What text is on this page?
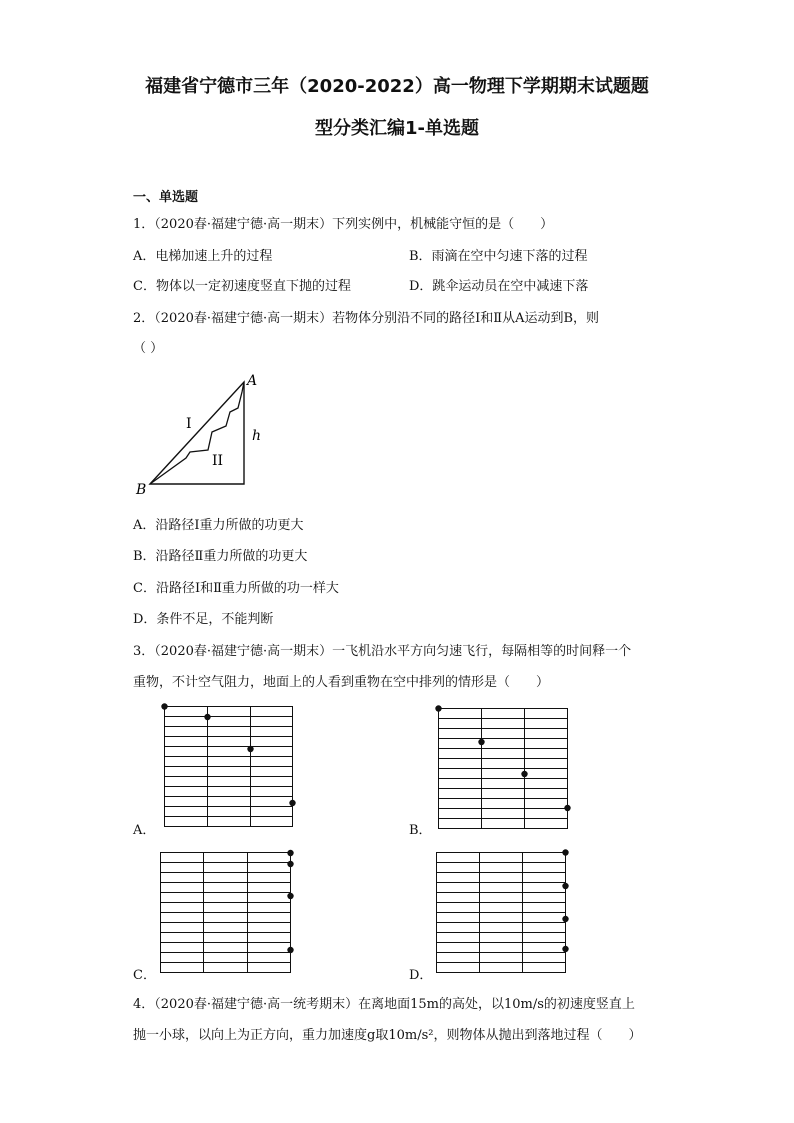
福建省宁德市三年（2020-2022）高一物理下学期期末试题题
型分类汇编1-单选题
一、单选题
1．（2020春·福建宁德·高一期末）下列实例中，机械能守恒的是（　　）
A．电梯加速上升的过程	B．雨滴在空中匀速下落的过程
C．物体以一定初速度竖直下抛的过程	D．跳伞运动员在空中减速下落
2．（2020春·福建宁德·高一期末）若物体分别沿不同的路径Ⅰ和Ⅱ从A运动到B，则
（ ）
A
B
h
I
II
A．沿路径Ⅰ重力所做的功更大
B．沿路径Ⅱ重力所做的功更大
C．沿路径Ⅰ和Ⅱ重力所做的功一样大
D．条件不足，不能判断
3．（2020春·福建宁德·高一期末）一飞机沿水平方向匀速飞行，每隔相等的时间释一个
重物，不计空气阻力，地面上的人看到重物在空中排列的情形是（　　）
A．	B．
C．	D．
4．（2020春·福建宁德·高一统考期末）在离地面15m的高处，以10m/s的初速度竖直上
抛一小球，以向上为正方向，重力加速度g取10m/s²，则物体从抛出到落地过程（　　）
